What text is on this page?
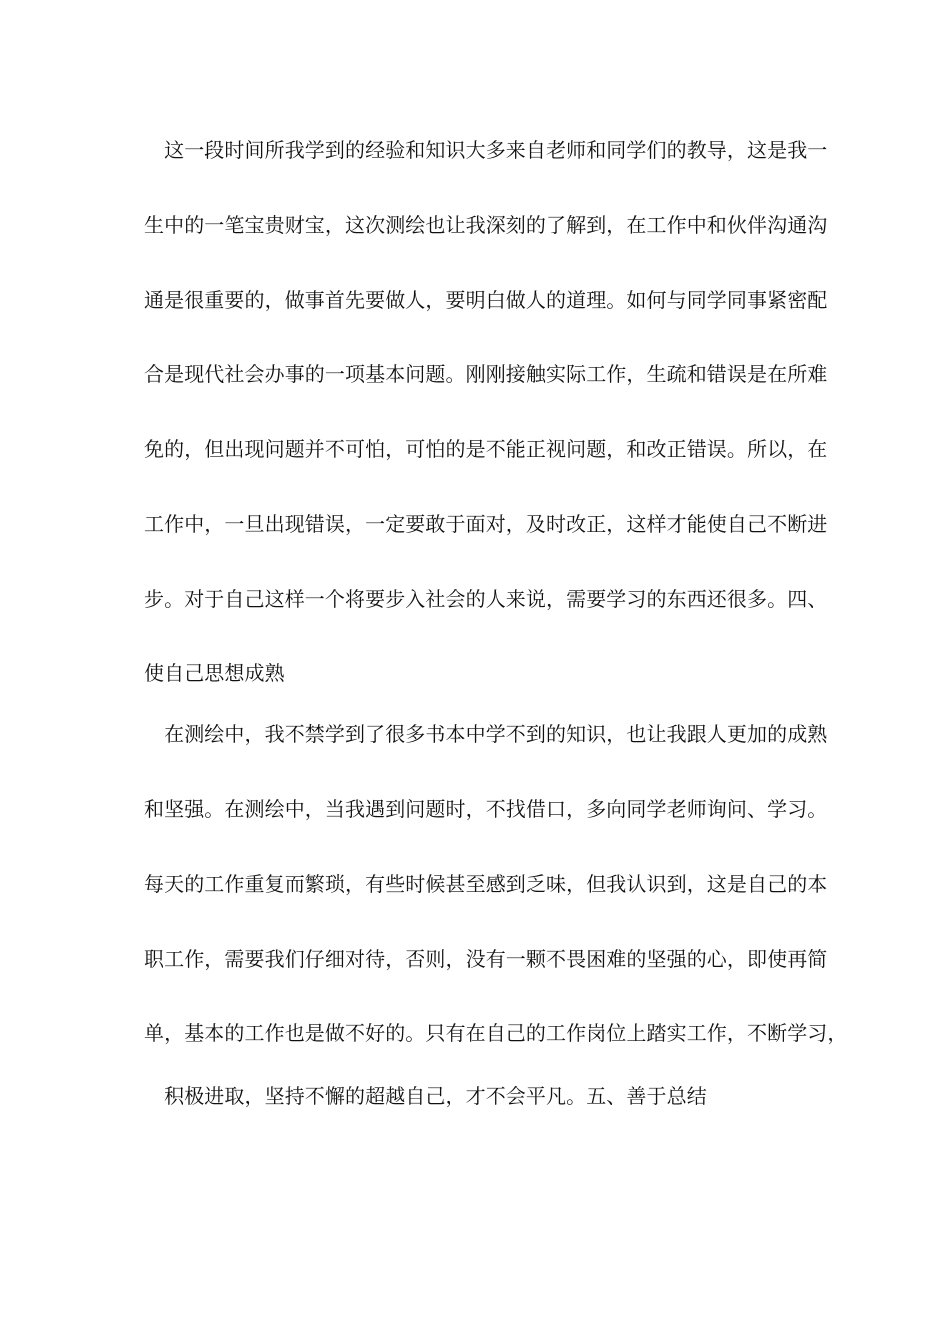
　这一段时间所我学到的经验和知识大多来自老师和同学们的教导，这是我一
生中的一笔宝贵财宝，这次测绘也让我深刻的了解到，在工作中和伙伴沟通沟
通是很重要的，做事首先要做人，要明白做人的道理。如何与同学同事紧密配
合是现代社会办事的一项基本问题。刚刚接触实际工作，生疏和错误是在所难
免的，但出现问题并不可怕，可怕的是不能正视问题，和改正错误。所以，在
工作中，一旦出现错误，一定要敢于面对，及时改正，这样才能使自己不断进
步。对于自己这样一个将要步入社会的人来说，需要学习的东西还很多。四、
使自己思想成熟
　在测绘中，我不禁学到了很多书本中学不到的知识，也让我跟人更加的成熟
和坚强。在测绘中，当我遇到问题时，不找借口，多向同学老师询问、学习。
每天的工作重复而繁琐，有些时候甚至感到乏味，但我认识到，这是自己的本
职工作，需要我们仔细对待，否则，没有一颗不畏困难的坚强的心，即使再简
单，基本的工作也是做不好的。只有在自己的工作岗位上踏实工作，不断学习，
　积极进取，坚持不懈的超越自己，才不会平凡。五、善于总结
